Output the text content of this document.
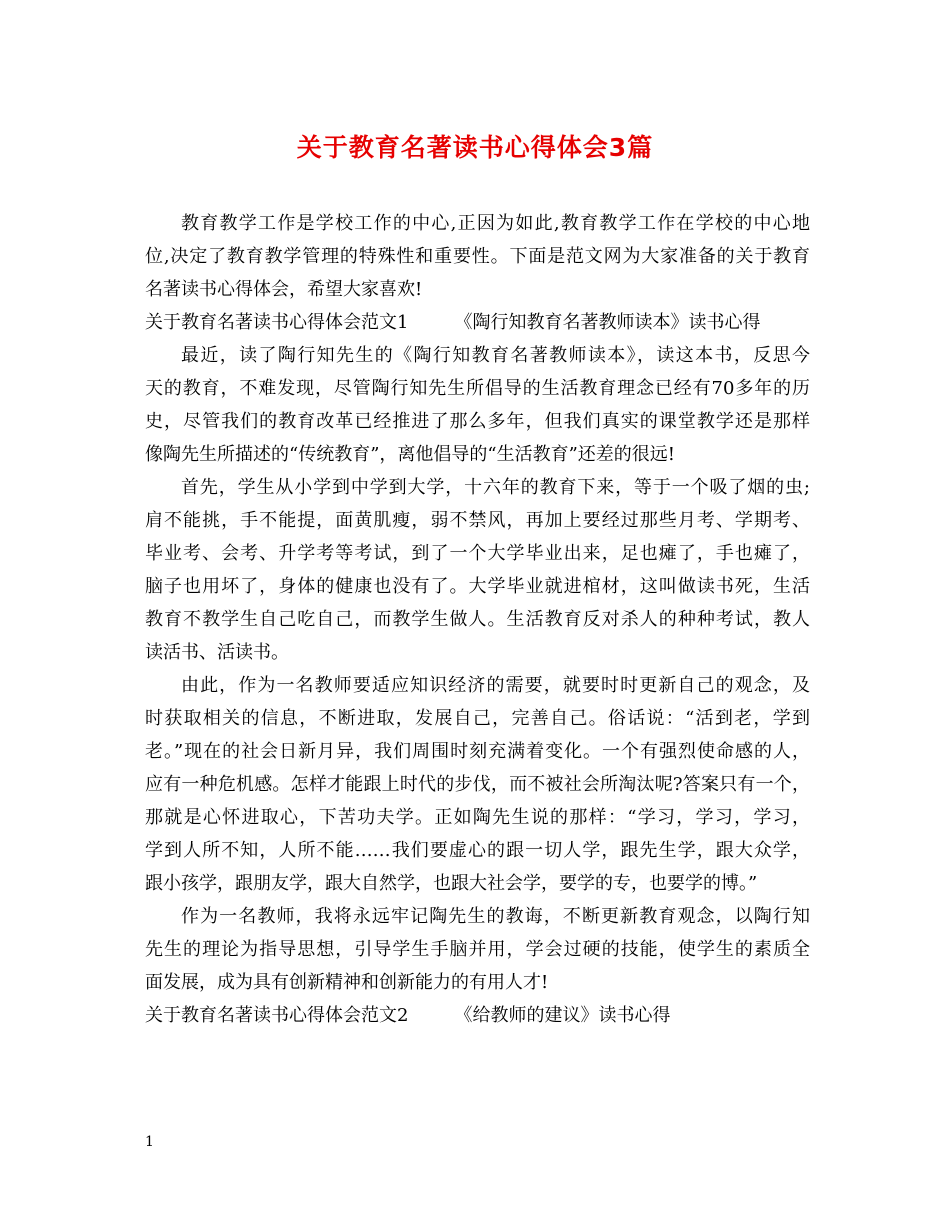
关于教育名著读书心得体会3篇
教育教学工作是学校工作的中心,正因为如此,教育教学工作在学校的中心地
位,决定了教育教学管理的特殊性和重要性。下面是范文网为大家准备的关于教育
名著读书心得体会，希望大家喜欢!
关于教育名著读书心得体会范文1	《陶行知教育名著教师读本》读书心得
最近，读了陶行知先生的《陶行知教育名著教师读本》，读这本书，反思今
天的教育，不难发现，尽管陶行知先生所倡导的生活教育理念已经有70多年的历
史，尽管我们的教育改革已经推进了那么多年，但我们真实的课堂教学还是那样
像陶先生所描述的“传统教育”，离他倡导的“生活教育”还差的很远!
首先，学生从小学到中学到大学，十六年的教育下来，等于一个吸了烟的虫;
肩不能挑，手不能提，面黄肌瘦，弱不禁风，再加上要经过那些月考、学期考、
毕业考、会考、升学考等考试，到了一个大学毕业出来，足也瘫了，手也瘫了，
脑子也用坏了，身体的健康也没有了。大学毕业就进棺材，这叫做读书死，生活
教育不教学生自己吃自己，而教学生做人。生活教育反对杀人的种种考试，教人
读活书、活读书。
由此，作为一名教师要适应知识经济的需要，就要时时更新自己的观念，及
时获取相关的信息，不断进取，发展自己，完善自己。俗话说：“活到老，学到
老。”现在的社会日新月异，我们周围时刻充满着变化。一个有强烈使命感的人，
应有一种危机感。怎样才能跟上时代的步伐，而不被社会所淘汰呢?答案只有一个，
那就是心怀进取心，下苦功夫学。正如陶先生说的那样：“学习，学习，学习，
学到人所不知，人所不能……我们要虚心的跟一切人学，跟先生学，跟大众学，
跟小孩学，跟朋友学，跟大自然学，也跟大社会学，要学的专，也要学的博。”
作为一名教师，我将永远牢记陶先生的教诲，不断更新教育观念，以陶行知
先生的理论为指导思想，引导学生手脑并用，学会过硬的技能，使学生的素质全
面发展，成为具有创新精神和创新能力的有用人才!
关于教育名著读书心得体会范文2	《给教师的建议》读书心得
1
